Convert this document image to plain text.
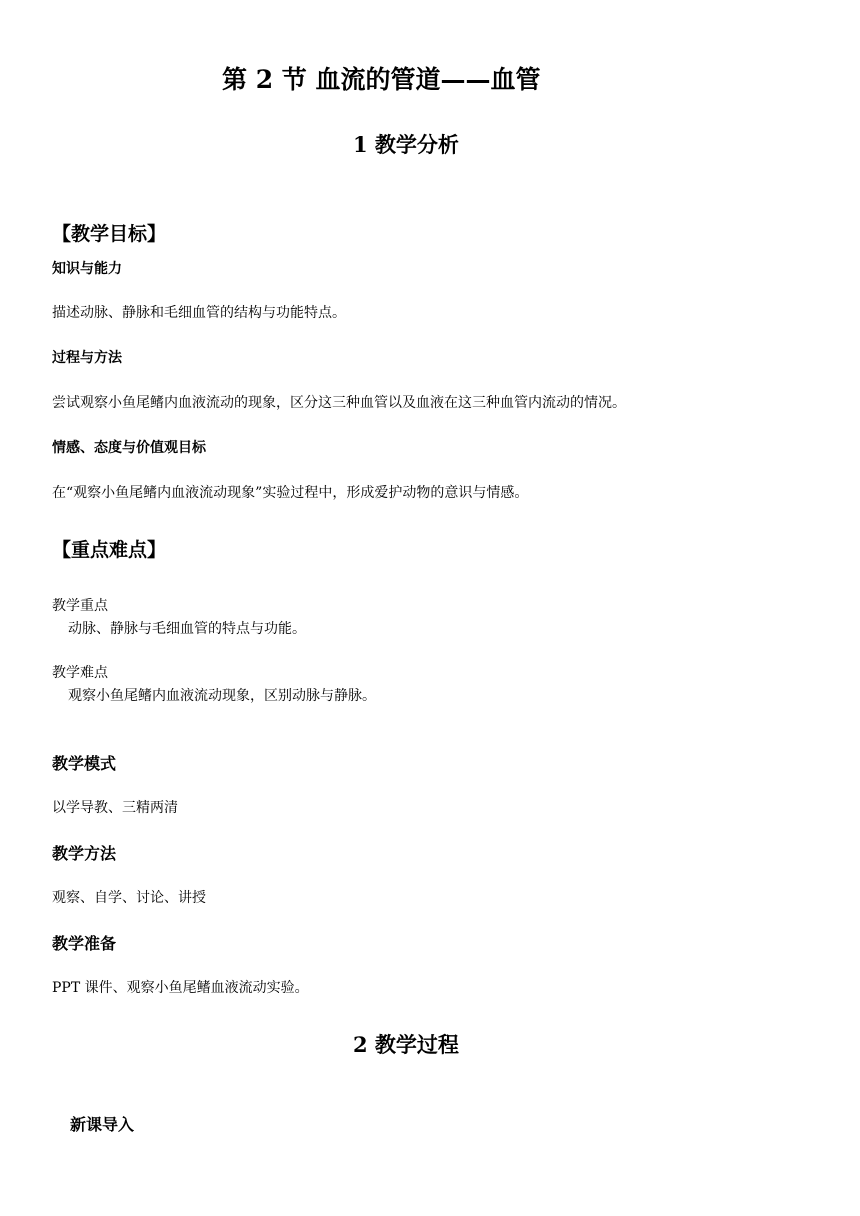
第 2 节 血流的管道——血管
1 教学分析
【教学目标】
知识与能力
描述动脉、静脉和毛细血管的结构与功能特点。
过程与方法
尝试观察小鱼尾鳍内血液流动的现象，区分这三种血管以及血液在这三种血管内流动的情况。
情感、态度与价值观目标
在“观察小鱼尾鳍内血液流动现象”实验过程中，形成爱护动物的意识与情感。
【重点难点】
教学重点
动脉、静脉与毛细血管的特点与功能。
教学难点
观察小鱼尾鳍内血液流动现象，区别动脉与静脉。
教学模式
以学导教、三精两清
教学方法
观察、自学、讨论、讲授
教学准备
PPT 课件、观察小鱼尾鳍血液流动实验。
2 教学过程
新课导入
